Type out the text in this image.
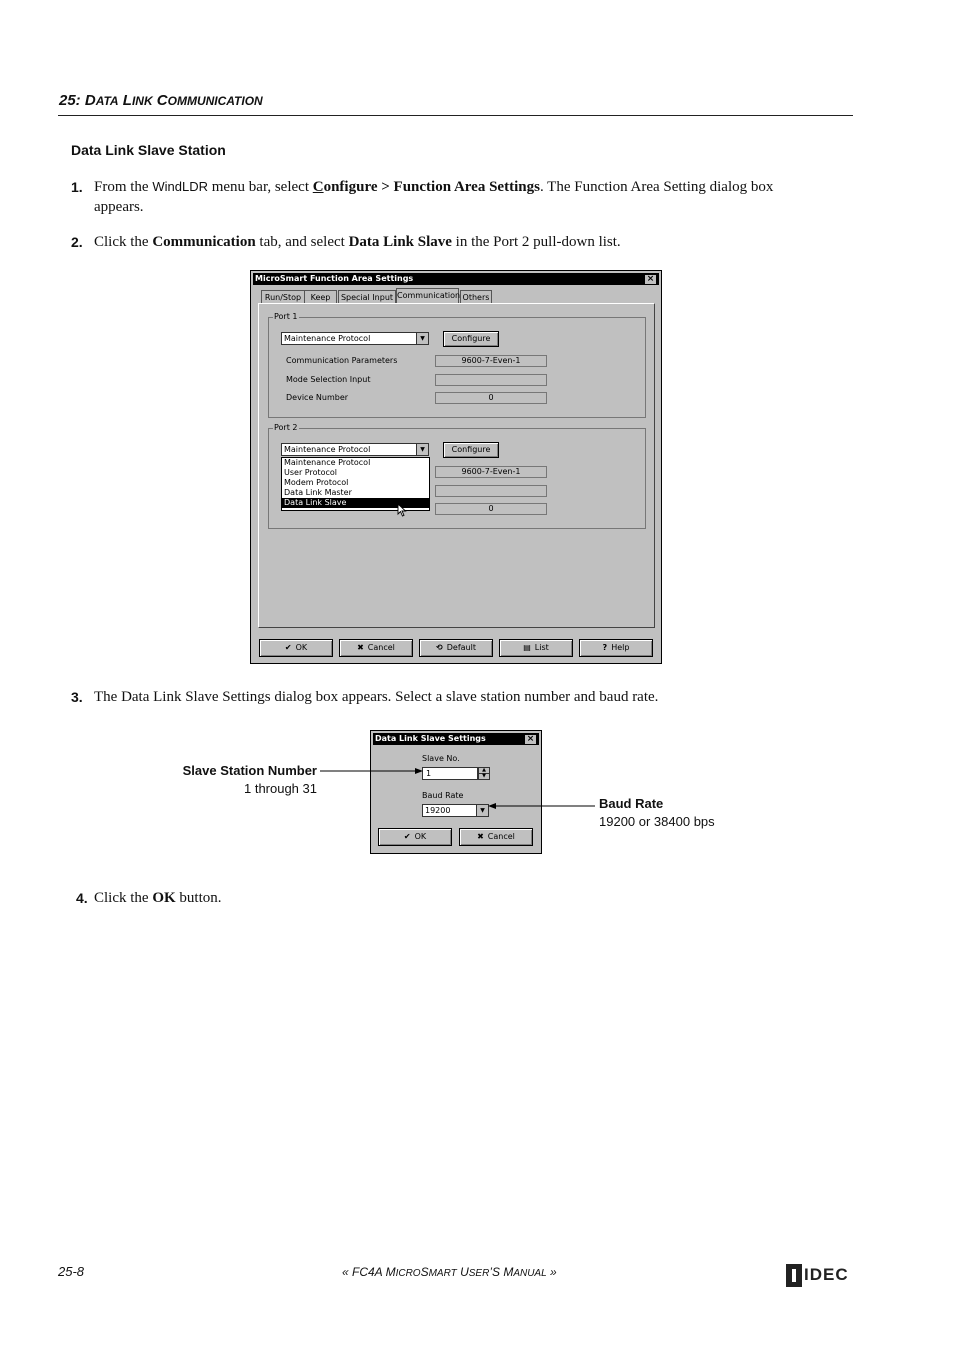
25: DATA LINK COMMUNICATION
Data Link Slave Station
1. From the WindLDR menu bar, select Configure > Function Area Settings. The Function Area Setting dialog box
appears.
2. Click the Communication tab, and select Data Link Slave in the Port 2 pull-down list.
MicroSmart Function Area Settings	×
Run/Stop	Keep	Special Input Communication Others
Port 1
Maintenance Protocol	▼	Configure
Communication Parameters	9600-7-Even-1
Mode Selection Input
Device Number	0
Port 2
Maintenance Protocol	▼	Configure
9600-7-Even-1
0
Maintenance Protocol
User Protocol
Modem Protocol
Data Link Master
Data Link Slave
✔ OK	✖ Cancel	⟲ Default	▤ List	? Help
3. The Data Link Slave Settings dialog box appears. Select a slave station number and baud rate.
Data Link Slave Settings	×
Slave No.
1	▲
▼
Baud Rate
19200	▼
✔ OK	✖ Cancel
Slave Station Number
1 through 31
Baud Rate
19200 or 38400 bps
4. Click the OK button.
25-8	« FC4A MICROSMART USER’S MANUAL »	IDEC
